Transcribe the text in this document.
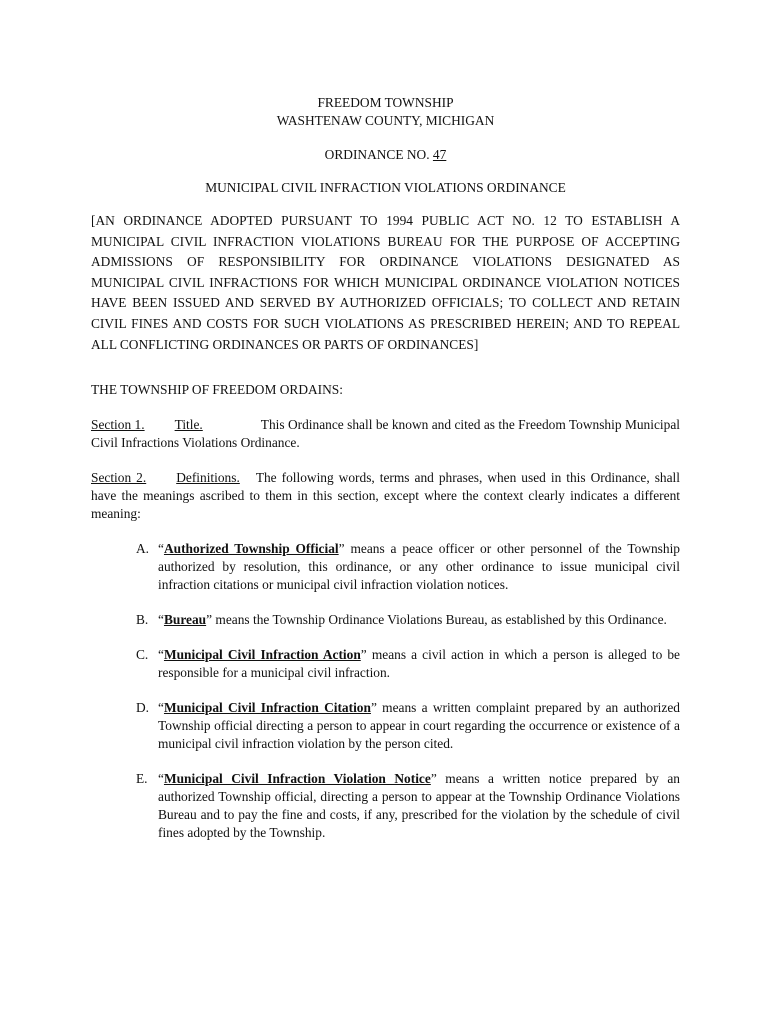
FREEDOM TOWNSHIP

WASHTENAW COUNTY, MICHIGAN

ORDINANCE NO. 47

MUNICIPAL CIVIL INFRACTION VIOLATIONS ORDINANCE

[AN ORDINANCE ADOPTED PURSUANT TO 1994 PUBLIC ACT NO. 12 TO ESTABLISH A MUNICIPAL CIVIL INFRACTION VIOLATIONS BUREAU FOR THE PURPOSE OF ACCEPTING ADMISSIONS OF RESPONSIBILITY FOR ORDINANCE VIOLATIONS DESIGNATED AS MUNICIPAL CIVIL INFRACTIONS FOR WHICH MUNICIPAL ORDINANCE VIOLATION NOTICES HAVE BEEN ISSUED AND SERVED BY AUTHORIZED OFFICIALS; TO COLLECT AND RETAIN CIVIL FINES AND COSTS FOR SUCH VIOLATIONS AS PRESCRIBED HEREIN; AND TO REPEAL ALL CONFLICTING ORDINANCES OR PARTS OF ORDINANCES]

THE TOWNSHIP OF FREEDOM ORDAINS:

Section 1. Title.	This Ordinance shall be known and cited as the Freedom Township Municipal Civil Infractions Violations Ordinance.

Section 2. Definitions. The following words, terms and phrases, when used in this Ordinance, shall have the meanings ascribed to them in this section, except where the context clearly indicates a different meaning:

A. “Authorized Township Official” means a peace officer or other personnel of the Township authorized by resolution, this ordinance, or any other ordinance to issue municipal civil infraction citations or municipal civil infraction violation notices.
B. “Bureau” means the Township Ordinance Violations Bureau, as established by this Ordinance.
C. “Municipal Civil Infraction Action” means a civil action in which a person is alleged to be responsible for a municipal civil infraction.
D. “Municipal Civil Infraction Citation” means a written complaint prepared by an authorized Township official directing a person to appear in court regarding the occurrence or existence of a municipal civil infraction violation by the person cited.
E. “Municipal Civil Infraction Violation Notice” means a written notice prepared by an authorized Township official, directing a person to appear at the Township Ordinance Violations Bureau and to pay the fine and costs, if any, prescribed for the violation by the schedule of civil fines adopted by the Township.
